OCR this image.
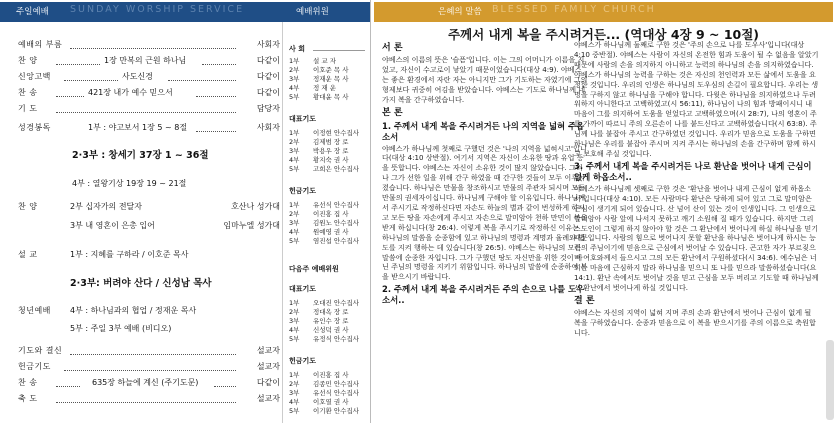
주일예배 SUNDAY WORSHIP SERVICE	예배위원
예배의 부름	사회자
찬 양	1장 만복의 근원 하나님	다같이
신앙고백	사도신경	다같이
찬 송	421장 내가 예수 믿으서	다같이
기 도	담당자
성경봉독	1부 : 야고보서 1장 5 ~ 8절	사회자
2·3부 : 창세기 37장 1 ~ 36절
4부 : 열왕기상 19장 19 ~ 21절
찬 양	2부 십자가의 전달자	호산나 성가대
3부 내 영혼이 은총 입어	임마누엘 성가대
설 교	1부 : 지혜를 구하라 / 이호준 목사
2·3부: 버려야 산다 / 신성남 목사
청년예배 4부 : 하나님과의 협업 / 정재운 목사
5부 : 주일 3부 예배 (비디오)
기도와 결신	설교자
헌금기도	설교자
찬 송	635장 하늘에 계신 (주기도문)	다같이
축 도	설교자
사 회
1부 설 교 자
2부 이호준 목 사
3부 정재운 목 사
4부 정 재 운
5부 황대윤 목 사
대표기도
1부 이정현 안수집사
2부 김제범 장 로
3부 박용우 장 로
4부 황지숙 권 사
5부 고희은 안수집사
헌금기도
1부 유선식 안수집사
2부 이진홍 집 사
3부 김원노 안수집사
4부 원예영 권 사
5부 염진섭 안수집사
다음주 예배위원
대표기도
1부 오대진 안수집사
2부 정대옥 장 로
3부 유인수 장 로
4부 신성덕 권 사
5부 유정식 안수집사
헌금기도
1부 이진홍 집 사
2부 김종민 안수집사
3부 유선식 안수집사
4부 이호열 권 사
5부 이기환 안수집사
은혜의 말씀 BLESSED FAMILY CHURCH
주께서 내게 복을 주시려거든... (역대상 4장 9 ~ 10절)

서 론

야베스의 이름의 뜻은 '슬픔'입니다. 이는 그의 어머니가 이름을 지었고, 자신이 수고로이 낳았기 때문이었습니다(대상 4:9). 야베스는 좋은 환경에서 자란 자는 아니지만 그가 기도하는 자였기에 그의 형제보다 귀중히 여김을 받았습니다. 야베스는 기도로 하나님께 네 가지 복을 간구하였습니다.

본 론

1. 주께서 내게 복을 주시려거든 나의 지역을 넓혀 주옵소서

야베스가 하나님께 첫째로 구했던 것은 '나의 지역을 넓혀시고'입니다(대상 4:10 상반절). 여기서 지역은 자신이 소유한 땅과 유업 등을 뜻합니다. 야베스는 자신이 소유한 것이 많지 않았습니다. 그러나 그가 선한 일을 위해 간구 하였을 때 간구한 것들이 모두 이루어졌습니다. 하나님은 만물을 창조하시고 만물의 주관자 되시며 모든 만물의 권세자이십니다. 하나님께 구해야 할 이유입니다. 하나님께서 주시기로 작정하신다면 자손도 하늘의 별과 같이 번성하게 하시고 모든 땅을 자손에게 주시고 자손으로 말미암아 천하 만민이 복을 받게 하십니다(창 26:4). 이렇게 복을 주시기로 작정하신 이유는 하나님의 말씀을 순종함에 있고 하나님의 명령과 계명과 율례와 법도를 지켜 행하는 데 있습니다(창 26:5). 야베스는 하나님의 모든 말씀에 순종한 자입니다. 그가 구했던 땅도 자신만을 위한 것이 아닌 주님의 명령을 지키기 위함입니다. 하나님의 말씀에 순종하여 복을 받으시기 바랍니다.

2. 주께서 내게 복을 주시려거든 주의 손으로 나를 도우소서..

야베스가 하나님께 둘째로 구한 것은 '주의 손으로 나를 도우사'입니다(대상 4:10 중반절). 야베스는 사람이 자신의 온전한 힘과 도움이 될 수 없음을 알았기 때문에 사람의 손을 의지하지 아니하고 능력의 하나님의 손을 의지하였습니다. 야베스가 하나님의 능력을 구하는 것은 자신의 천인력과 모든 삶에서 도움을 요청한 것입니다. 우리의 인생은 하나님의 도우심의 손길이 필요합니다. 우리는 생명을 구하지 않고 하나님을 구해야 합니다. 다윗은 하나님을 의지하였으나 두려워하지 아니한다고 고백하였고(시 56:11), 하나님이 나의 힘과 방패이시니 내 마음이 그를 의지하여 도움을 얻었다고 고백하였으며(시 28:7), 나의 영혼이 주를 가까이 따르니 주의 오른손이 나를 붙드신다고 고백하였습니다(시 63:8). 주님께 나를 붙잡아 주시고 간구하였던 것입니다. 우리가 믿음으로 도움을 구하면 하나님은 우리를 붙잡아 주시며 지켜 주시는 하나님의 손을 간구하며 함께 하시고 보호해 주실 것입니다.

3. 주께서 내게 복을 주시려거든 나로 환난을 벗어나 내게 근심이 없게 하옵소서..

야베스가 하나님께 셋째로 구한 것은 '환난을 벗어나 내게 근심이 없게 하옵소서'입니다(대상 4:10). 모든 사람마다 환난은 당하게 되어 있고 그로 말미암은 근심이 생기게 되어 있습니다. 산 넘어 산이 있는 것이 인생입니다. 그 인생으로 말미암아 사람 앞에 나서지 못하고 깨기 소원해 질 때가 있습니다. 하지만 그리스도인이 그렇게 하지 않아야 할 것은 그 환난에서 벗어나게 하실 하나님을 믿기 때문입니다. 사람의 힘으로 벗어나지 못할 환난을 하나님은 벗어나게 하시는 능력의 주님이기에 믿음으로 근심에서 벗어날 수 있습니다. 곤고한 자가 부르짖으며 여호와께서 들으시고 그의 모든 환난에서 구원하셨다(시 34:6). 예수님은 너희는 마음에 근심하지 말라 하나님을 믿으니 또 나를 믿으라 말씀하셨습니다(요 14:1). 환난 속에서도 벗어날 것을 믿고 근심을 모두 버리고 기도할 때 하나님께서 환난에서 벗어나게 하실 것입니다.

결 론

야베스는 자신의 지역이 넓혀 지며 주의 손과 환난에서 벗어나 근심이 없게 될 복을 구하였습니다. 순종과 믿음으로 이 복을 받으시기를 주의 이름으로 축원합니다.
